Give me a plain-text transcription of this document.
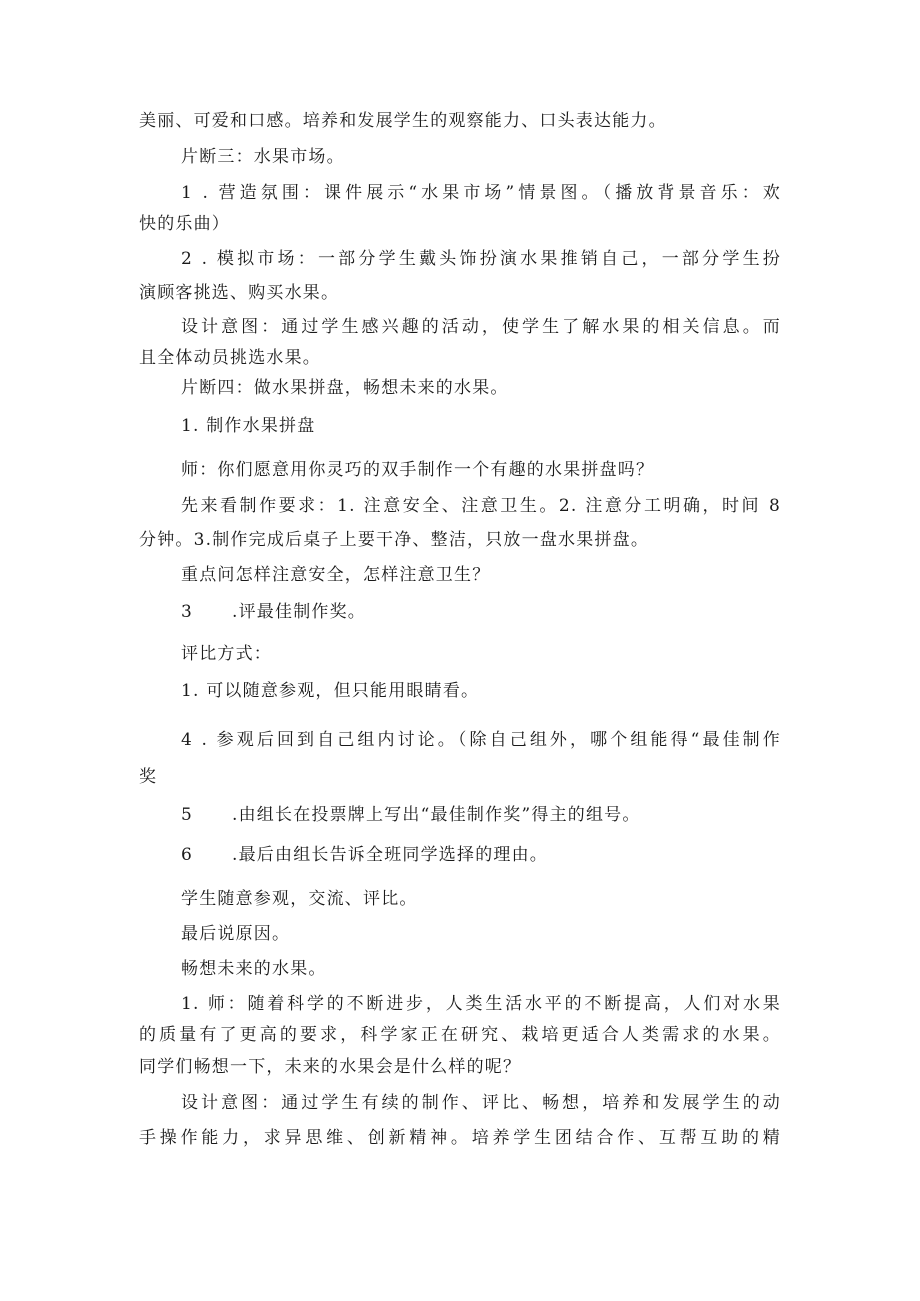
美丽、可爱和口感。培养和发展学生的观察能力、口头表达能力。
片断三：水果市场。
1 . 营造氛围：课件展示“水果市场”情景图。（播放背景音乐：欢
快的乐曲）
2 . 模拟市场：一部分学生戴头饰扮演水果推销自己，一部分学生扮
演顾客挑选、购买水果。
设计意图：通过学生感兴趣的活动，使学生了解水果的相关信息。而
且全体动员挑选水果。
片断四：做水果拼盘，畅想未来的水果。
1. 制作水果拼盘
师：你们愿意用你灵巧的双手制作一个有趣的水果拼盘吗？
先来看制作要求：1. 注意安全、注意卫生。2. 注意分工明确，时间 8
分钟。3.制作完成后桌子上要干净、整洁，只放一盘水果拼盘。
重点问怎样注意安全，怎样注意卫生？
3 .评最佳制作奖。
评比方式：
1. 可以随意参观，但只能用眼睛看。
4 . 参观后回到自己组内讨论。（除自己组外，哪个组能得“最佳制作
奖
5 .由组长在投票牌上写出“最佳制作奖”得主的组号。
6 .最后由组长告诉全班同学选择的理由。
学生随意参观，交流、评比。
最后说原因。
畅想未来的水果。
1. 师：随着科学的不断进步，人类生活水平的不断提高，人们对水果
的质量有了更高的要求，科学家正在研究、栽培更适合人类需求的水果。
同学们畅想一下，未来的水果会是什么样的呢？
设计意图：通过学生有续的制作、评比、畅想，培养和发展学生的动
手操作能力，求异思维、创新精神。培养学生团结合作、互帮互助的精
